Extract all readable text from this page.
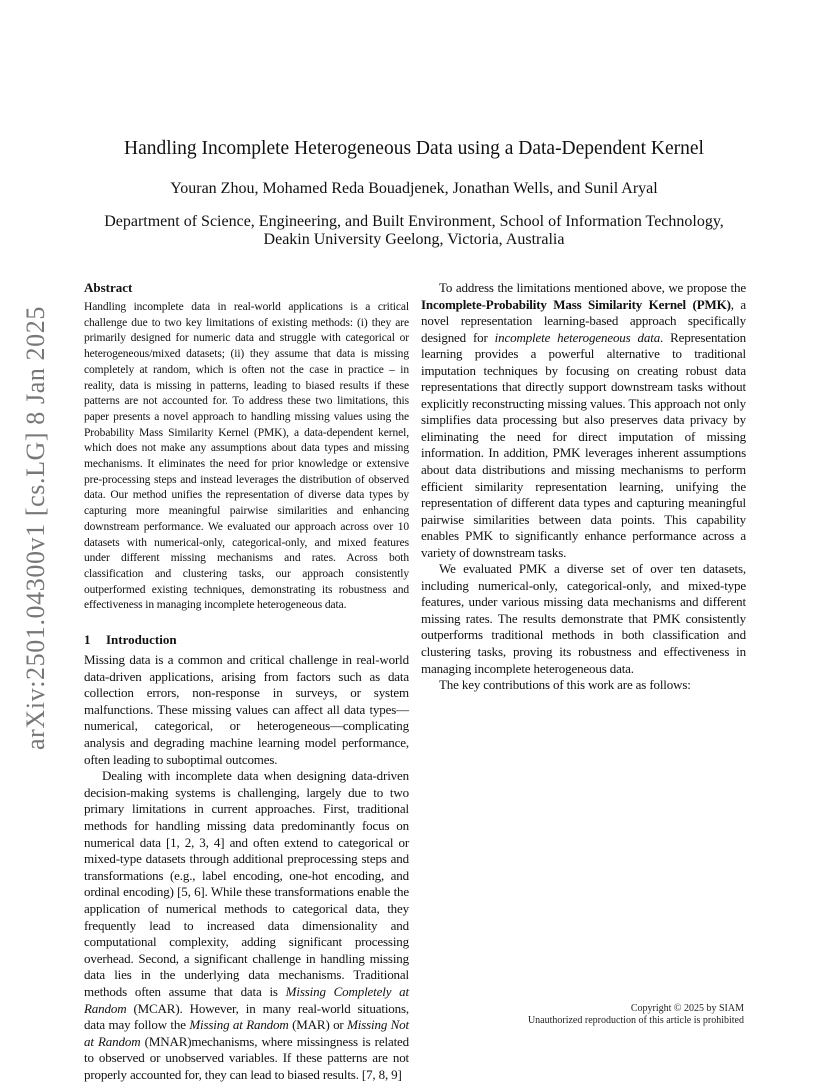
arXiv:2501.04300v1 [cs.LG] 8 Jan 2025
Handling Incomplete Heterogeneous Data using a Data-Dependent Kernel
Youran Zhou, Mohamed Reda Bouadjenek, Jonathan Wells, and Sunil Aryal
Department of Science, Engineering, and Built Environment, School of Information Technology,
Deakin University Geelong, Victoria, Australia
Abstract

Handling incomplete data in real-world applications is a critical challenge due to two key limitations of existing methods: (i) they are primarily designed for numeric data and struggle with categorical or heterogeneous/mixed datasets; (ii) they assume that data is missing completely at random, which is often not the case in practice – in reality, data is missing in patterns, leading to biased results if these patterns are not accounted for. To address these two limitations, this paper presents a novel approach to handling missing values using the Probability Mass Similarity Kernel (PMK), a data-dependent kernel, which does not make any assumptions about data types and missing mechanisms. It eliminates the need for prior knowledge or extensive pre-processing steps and instead leverages the distribution of observed data. Our method unifies the representation of diverse data types by capturing more meaningful pairwise similarities and enhancing downstream performance. We evaluated our approach across over 10 datasets with numerical-only, categorical-only, and mixed features under different missing mechanisms and rates. Across both classification and clustering tasks, our approach consistently outperformed existing techniques, demonstrating its robustness and effectiveness in managing incomplete heterogeneous data.

1 Introduction

Missing data is a common and critical challenge in real-world data-driven applications, arising from factors such as data collection errors, non-response in surveys, or system malfunctions. These missing values can affect all data types—numerical, categorical, or heterogeneous—complicating analysis and degrading machine learning model performance, often leading to suboptimal outcomes.

Dealing with incomplete data when designing data-driven decision-making systems is challenging, largely due to two primary limitations in current approaches. First, traditional methods for handling missing data predominantly focus on numerical data [1, 2, 3, 4] and often extend to categorical or mixed-type datasets through additional preprocessing steps and transformations (e.g., label encoding, one-hot encoding, and ordinal encoding) [5, 6]. While these transformations enable the application of numerical methods to categorical data, they frequently lead to increased data dimensionality and computational complexity, adding significant processing overhead. Second, a significant challenge in handling missing data lies in the underlying data mechanisms. Traditional methods often assume that data is Missing Completely at Random (MCAR). However, in many real-world situations, data may follow the Missing at Random (MAR) or Missing Not at Random (MNAR)mechanisms, where missingness is related to observed or unobserved variables. If these patterns are not properly accounted for, they can lead to biased results. [7, 8, 9]

To address the limitations mentioned above, we propose the Incomplete-Probability Mass Similarity Kernel (PMK), a novel representation learning-based approach specifically designed for incomplete heterogeneous data. Representation learning provides a powerful alternative to traditional imputation techniques by focusing on creating robust data representations that directly support downstream tasks without explicitly reconstructing missing values. This approach not only simplifies data processing but also preserves data privacy by eliminating the need for direct imputation of missing information. In addition, PMK leverages inherent assumptions about data distributions and missing mechanisms to perform efficient similarity representation learning, unifying the representation of different data types and capturing meaningful pairwise similarities between data points. This capability enables PMK to significantly enhance performance across a variety of downstream tasks.

We evaluated PMK a diverse set of over ten datasets, including numerical-only, categorical-only, and mixed-type features, under various missing data mechanisms and different missing rates. The results demonstrate that PMK consistently outperforms traditional methods in both classification and clustering tasks, proving its robustness and effectiveness in managing incomplete heterogeneous data.

The key contributions of this work are as follows:

Copyright © 2025 by SIAM
Unauthorized reproduction of this article is prohibited
